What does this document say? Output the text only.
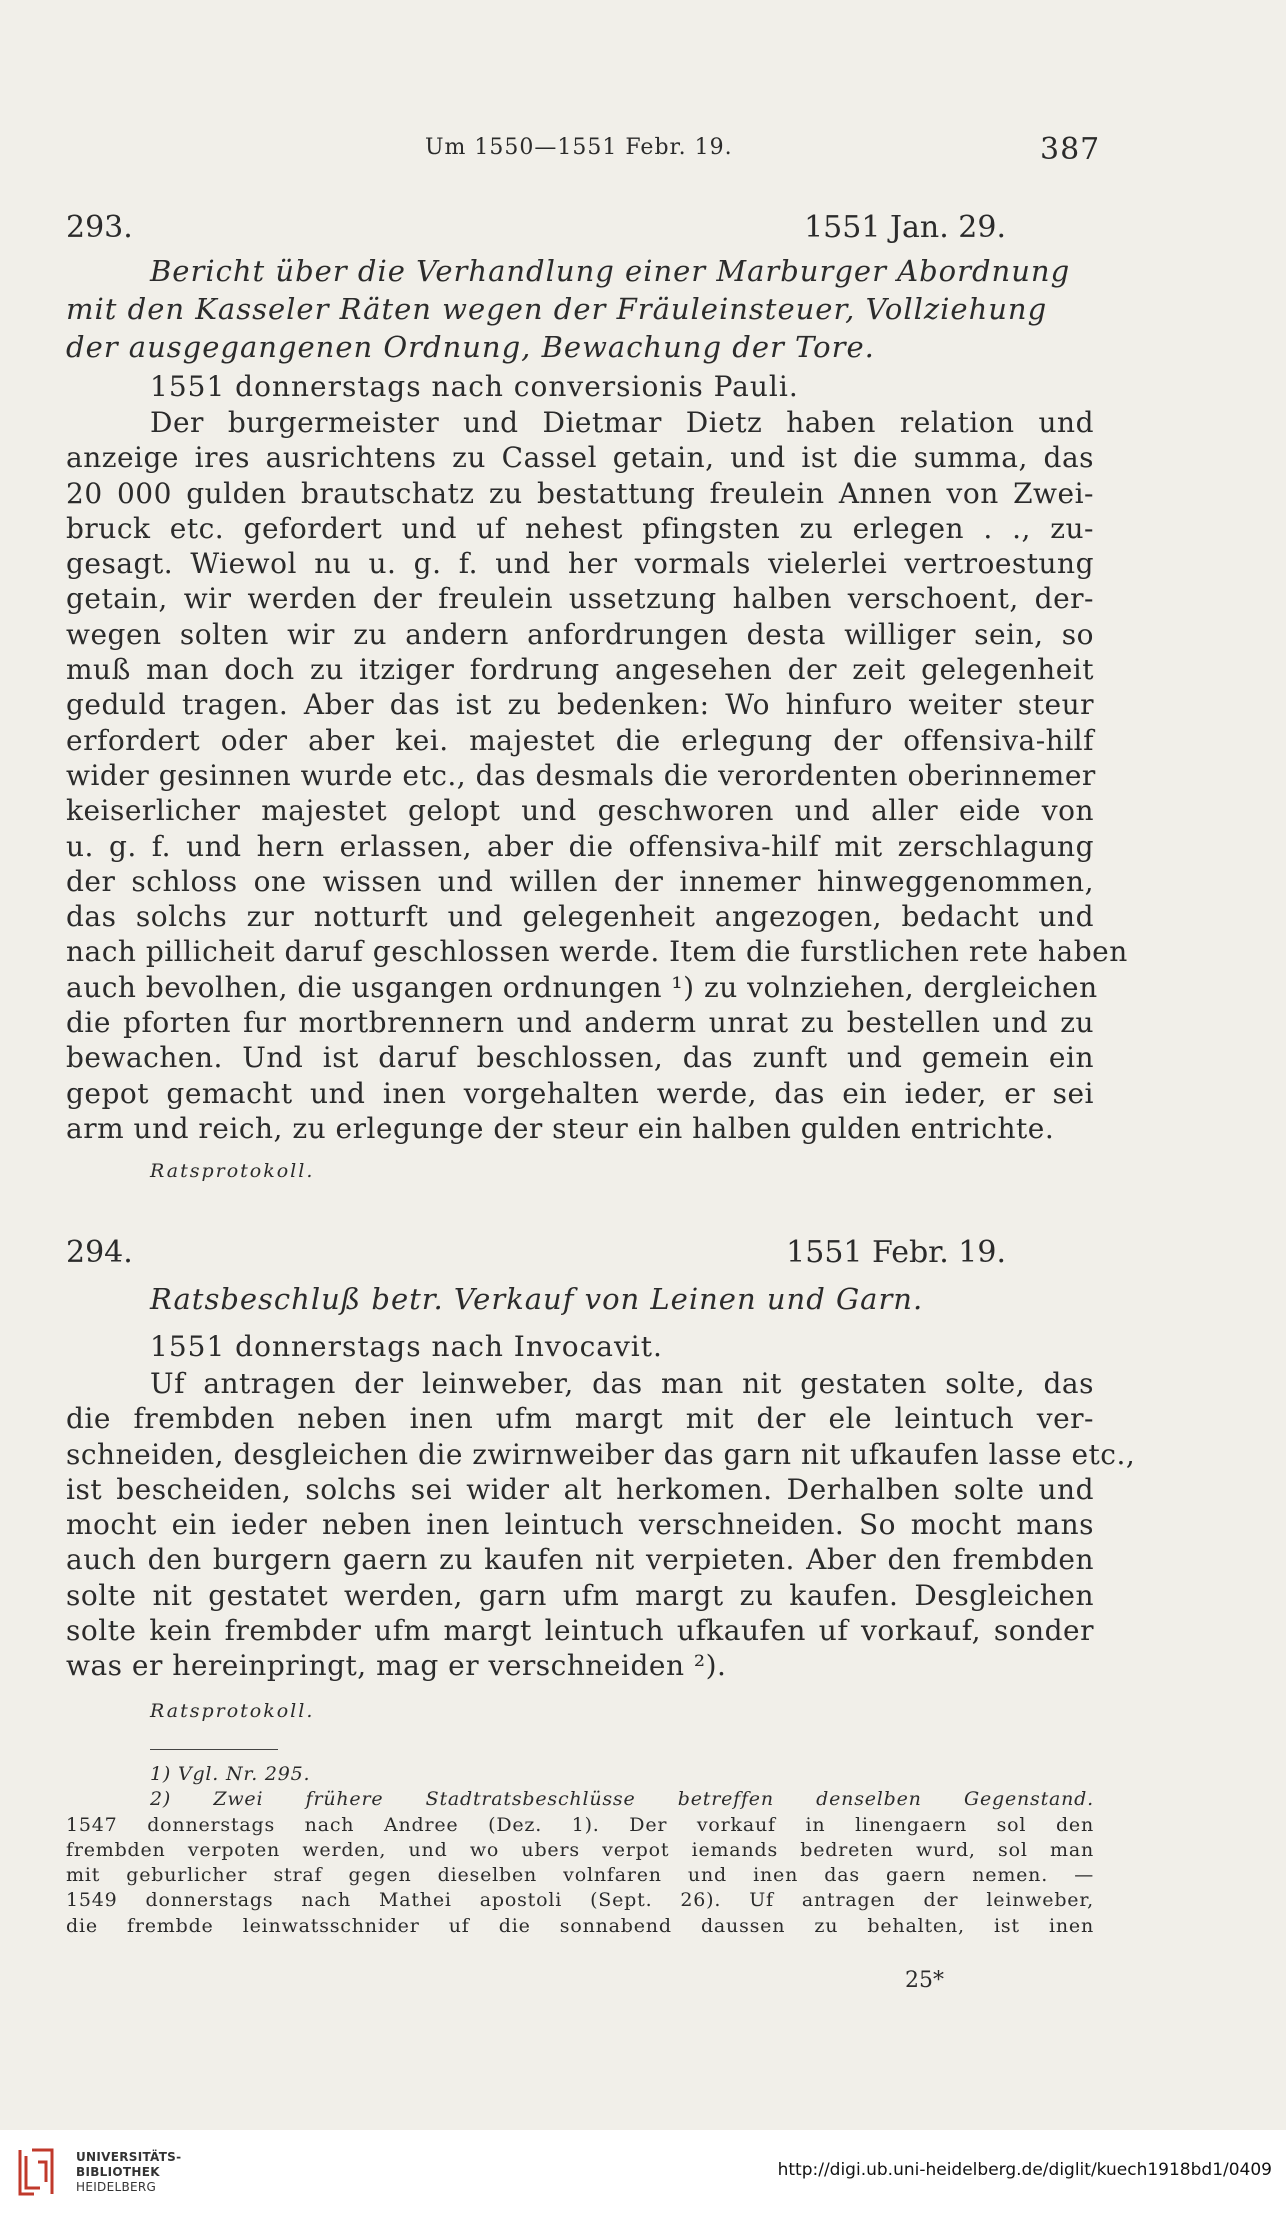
Um 1550—1551 Febr. 19.	387
293.	1551 Jan. 29.
Bericht über die Verhandlung einer Marburger Abordnung
mit den Kasseler Räten wegen der Fräuleinsteuer, Vollziehung
der ausgegangenen Ordnung, Bewachung der Tore.
1551 donnerstags nach conversionis Pauli.
Der burgermeister und Dietmar Dietz haben relation und
anzeige ires ausrichtens zu Cassel getain, und ist die summa, das
20 000 gulden brautschatz zu bestattung freulein Annen von Zwei-
bruck etc. gefordert und uf nehest pfingsten zu erlegen . ., zu-
gesagt. Wiewol nu u. g. f. und her vormals vielerlei vertroestung
getain, wir werden der freulein ussetzung halben verschoent, der-
wegen solten wir zu andern anfordrungen desta williger sein, so
muß man doch zu itziger fordrung angesehen der zeit gelegenheit
geduld tragen. Aber das ist zu bedenken: Wo hinfuro weiter steur
erfordert oder aber kei. majestet die erlegung der offensiva-hilf
wider gesinnen wurde etc., das desmals die verordenten oberinnemer
keiserlicher majestet gelopt und geschworen und aller eide von
u. g. f. und hern erlassen, aber die offensiva-hilf mit zerschlagung
der schloss one wissen und willen der innemer hinweggenommen,
das solchs zur notturft und gelegenheit angezogen, bedacht und
nach pillicheit daruf geschlossen werde. Item die furstlichen rete haben
auch bevolhen, die usgangen ordnungen ¹) zu volnziehen, dergleichen
die pforten fur mortbrennern und anderm unrat zu bestellen und zu
bewachen. Und ist daruf beschlossen, das zunft und gemein ein
gepot gemacht und inen vorgehalten werde, das ein ieder, er sei
arm und reich, zu erlegunge der steur ein halben gulden entrichte.
Ratsprotokoll.
294.	1551 Febr. 19.
Ratsbeschluß betr. Verkauf von Leinen und Garn.
1551 donnerstags nach Invocavit.
Uf antragen der leinweber, das man nit gestaten solte, das
die frembden neben inen ufm margt mit der ele leintuch ver-
schneiden, desgleichen die zwirnweiber das garn nit ufkaufen lasse etc.,
ist bescheiden, solchs sei wider alt herkomen. Derhalben solte und
mocht ein ieder neben inen leintuch verschneiden. So mocht mans
auch den burgern gaern zu kaufen nit verpieten. Aber den frembden
solte nit gestatet werden, garn ufm margt zu kaufen. Desgleichen
solte kein frembder ufm margt leintuch ufkaufen uf vorkauf, sonder
was er hereinpringt, mag er verschneiden ²).
Ratsprotokoll.
1) Vgl. Nr. 295.
2) Zwei frühere Stadtratsbeschlüsse betreffen denselben Gegenstand.
1547 donnerstags nach Andree (Dez. 1). Der vorkauf in linengaern sol den
frembden verpoten werden, und wo ubers verpot iemands bedreten wurd, sol man
mit geburlicher straf gegen dieselben volnfaren und inen das gaern nemen. —
1549 donnerstags nach Mathei apostoli (Sept. 26). Uf antragen der leinweber,
die frembde leinwatsschnider uf die sonnabend daussen zu behalten, ist inen
25*
UNIVERSITÄTS-
BIBLIOTHEK
HEIDELBERG
http://digi.ub.uni-heidelberg.de/diglit/kuech1918bd1/0409
